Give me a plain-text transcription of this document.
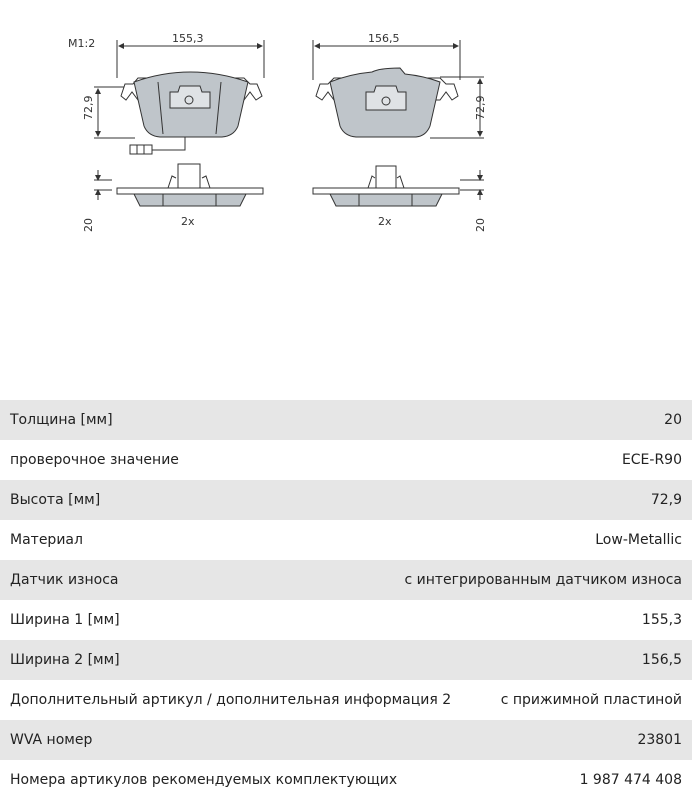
M1:2	155,3
72,9
2x
20
156,5
72,9
2x	20
Толщина [мм]	20
проверочное значение	ECE-R90
Высота [мм]	72,9
Материал	Low-Metallic
Датчик износа	с интегрированным датчиком износа
Ширина 1 [мм]	155,3
Ширина 2 [мм]	156,5
Дополнительный артикул / дополнительная информация 2	с прижимной пластиной
WVA номер	23801
Номера артикулов рекомендуемых комплектующих	1 987 474 408
